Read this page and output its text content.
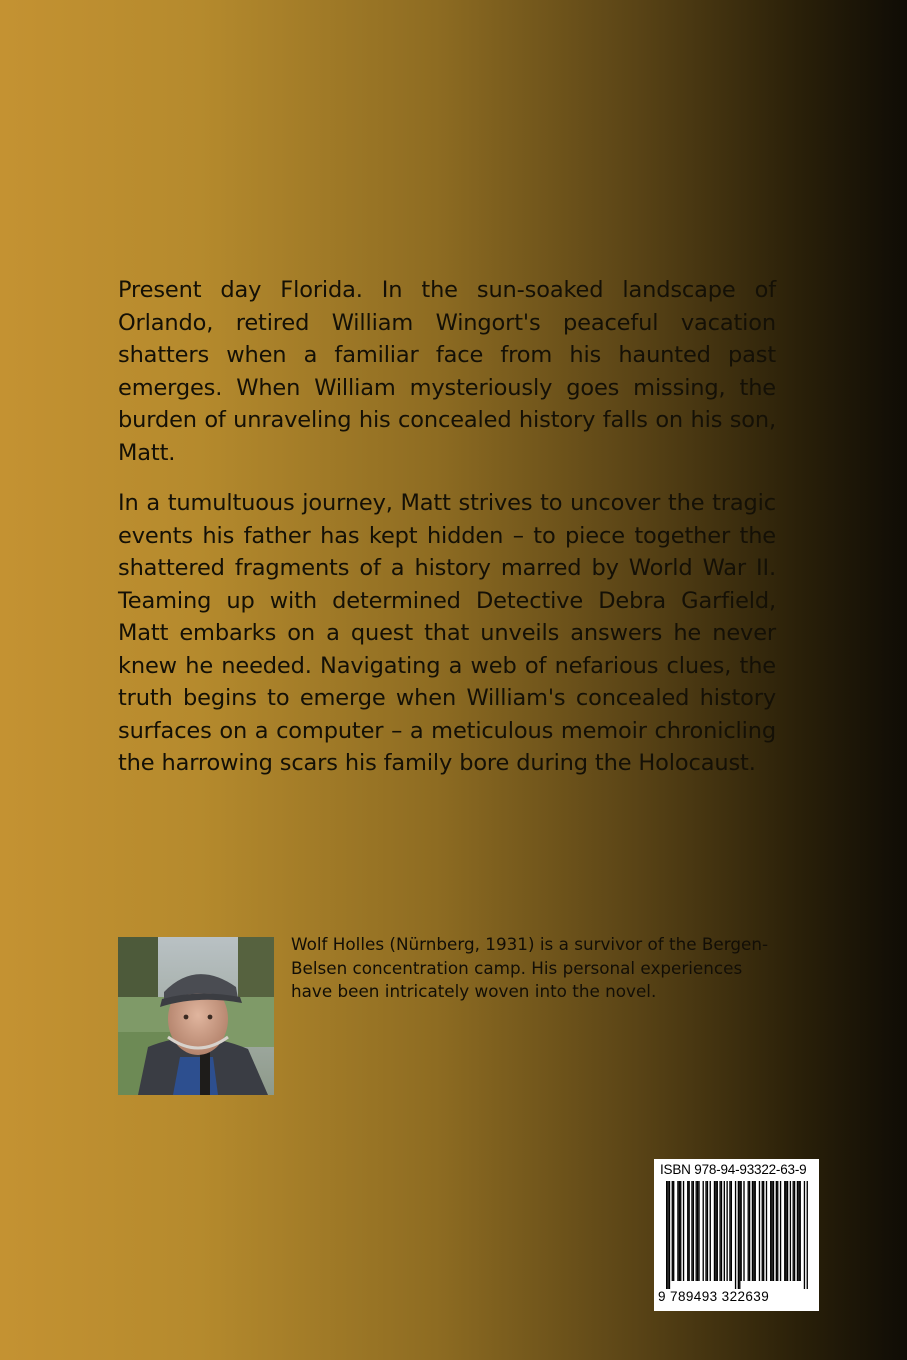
Present day Florida. In the sun-soaked landscape of Orlando, retired William Wingort's peaceful vacation shatters when a familiar face from his haunted past emerges. When William mysteriously goes missing, the burden of unraveling his concealed history falls on his son, Matt.

In a tumultuous journey, Matt strives to uncover the tragic events his father has kept hidden – to piece together the shattered fragments of a history marred by World War II. Teaming up with determined Detective Debra Garfield, Matt embarks on a quest that unveils answers he never knew he needed. Navigating a web of nefarious clues, the truth begins to emerge when William's concealed history surfaces on a computer – a meticulous memoir chronicling the harrowing scars his family bore during the Holocaust.

Wolf Holles (Nürnberg, 1931) is a survivor of the Bergen-Belsen concentration camp. His personal experiences have been intricately woven into the novel.
ISBN 978-94-93322-63-9
9 789493 322639
